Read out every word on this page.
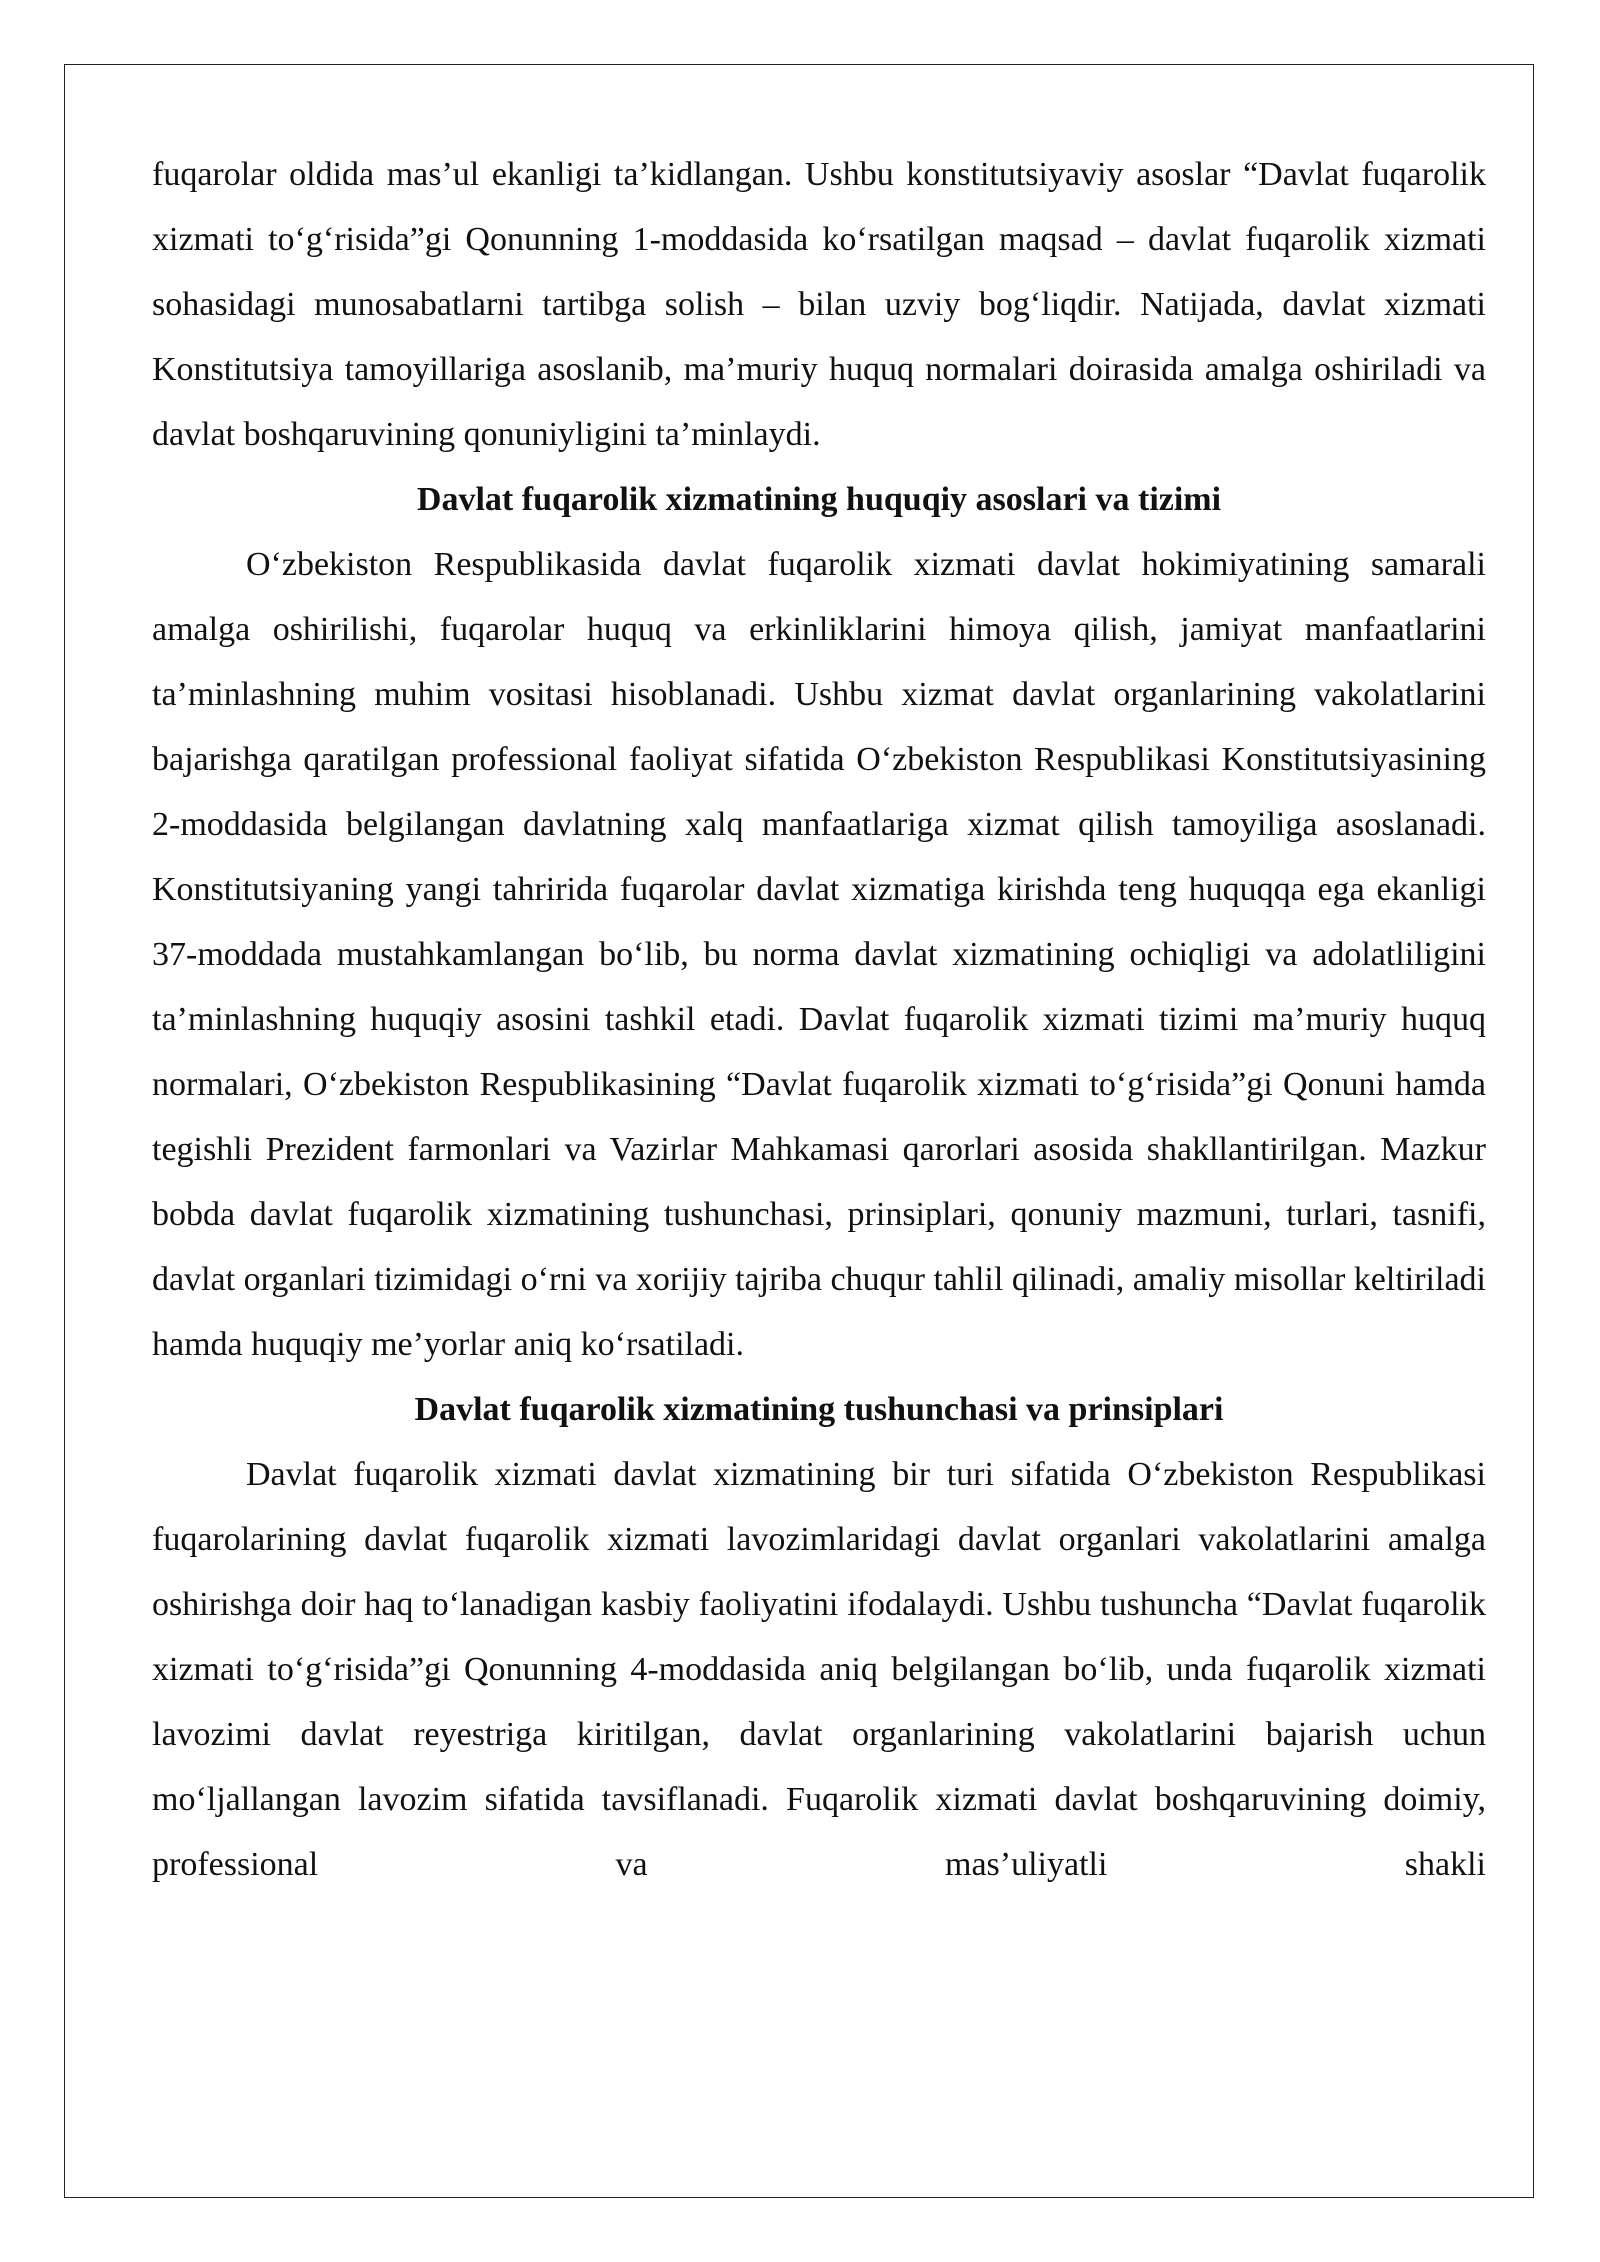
fuqarolar oldida mas’ul ekanligi ta’kidlangan. Ushbu konstitutsiyaviy asoslar “Davlat fuqarolik xizmati to‘g‘risida”gi Qonunning 1-moddasida ko‘rsatilgan maqsad – davlat fuqarolik xizmati sohasidagi munosabatlarni tartibga solish – bilan uzviy bog‘liqdir. Natijada, davlat xizmati Konstitutsiya tamoyillariga asoslanib, ma’muriy huquq normalari doirasida amalga oshiriladi va davlat boshqaruvining qonuniyligini ta’minlaydi.

Davlat fuqarolik xizmatining huquqiy asoslari va tizimi

O‘zbekiston Respublikasida davlat fuqarolik xizmati davlat hokimiyatining samarali amalga oshirilishi, fuqarolar huquq va erkinliklarini himoya qilish, jamiyat manfaatlarini ta’minlashning muhim vositasi hisoblanadi. Ushbu xizmat davlat organlarining vakolatlarini bajarishga qaratilgan professional faoliyat sifatida O‘zbekiston Respublikasi Konstitutsiyasining 2-moddasida belgilangan davlatning xalq manfaatlariga xizmat qilish tamoyiliga asoslanadi. Konstitutsiyaning yangi tahririda fuqarolar davlat xizmatiga kirishda teng huquqqa ega ekanligi 37-moddada mustahkamlangan bo‘lib, bu norma davlat xizmatining ochiqligi va adolatliligini ta’minlashning huquqiy asosini tashkil etadi. Davlat fuqarolik xizmati tizimi ma’muriy huquq normalari, O‘zbekiston Respublikasining “Davlat fuqarolik xizmati to‘g‘risida”gi Qonuni hamda tegishli Prezident farmonlari va Vazirlar Mahkamasi qarorlari asosida shakllantirilgan. Mazkur bobda davlat fuqarolik xizmatining tushunchasi, prinsiplari, qonuniy mazmuni, turlari, tasnifi, davlat organlari tizimidagi o‘rni va xorijiy tajriba chuqur tahlil qilinadi, amaliy misollar keltiriladi hamda huquqiy me’yorlar aniq ko‘rsatiladi.

Davlat fuqarolik xizmatining tushunchasi va prinsiplari

Davlat fuqarolik xizmati davlat xizmatining bir turi sifatida O‘zbekiston Respublikasi fuqarolarining davlat fuqarolik xizmati lavozimlaridagi davlat organlari vakolatlarini amalga oshirishga doir haq to‘lanadigan kasbiy faoliyatini ifodalaydi. Ushbu tushuncha “Davlat fuqarolik xizmati to‘g‘risida”gi Qonunning 4-moddasida aniq belgilangan bo‘lib, unda fuqarolik xizmati lavozimi davlat reyestriga kiritilgan, davlat organlarining vakolatlarini bajarish uchun mo‘ljallangan lavozim sifatida tavsiflanadi. Fuqarolik xizmati davlat boshqaruvining doimiy, professional va mas’uliyatli shakli
